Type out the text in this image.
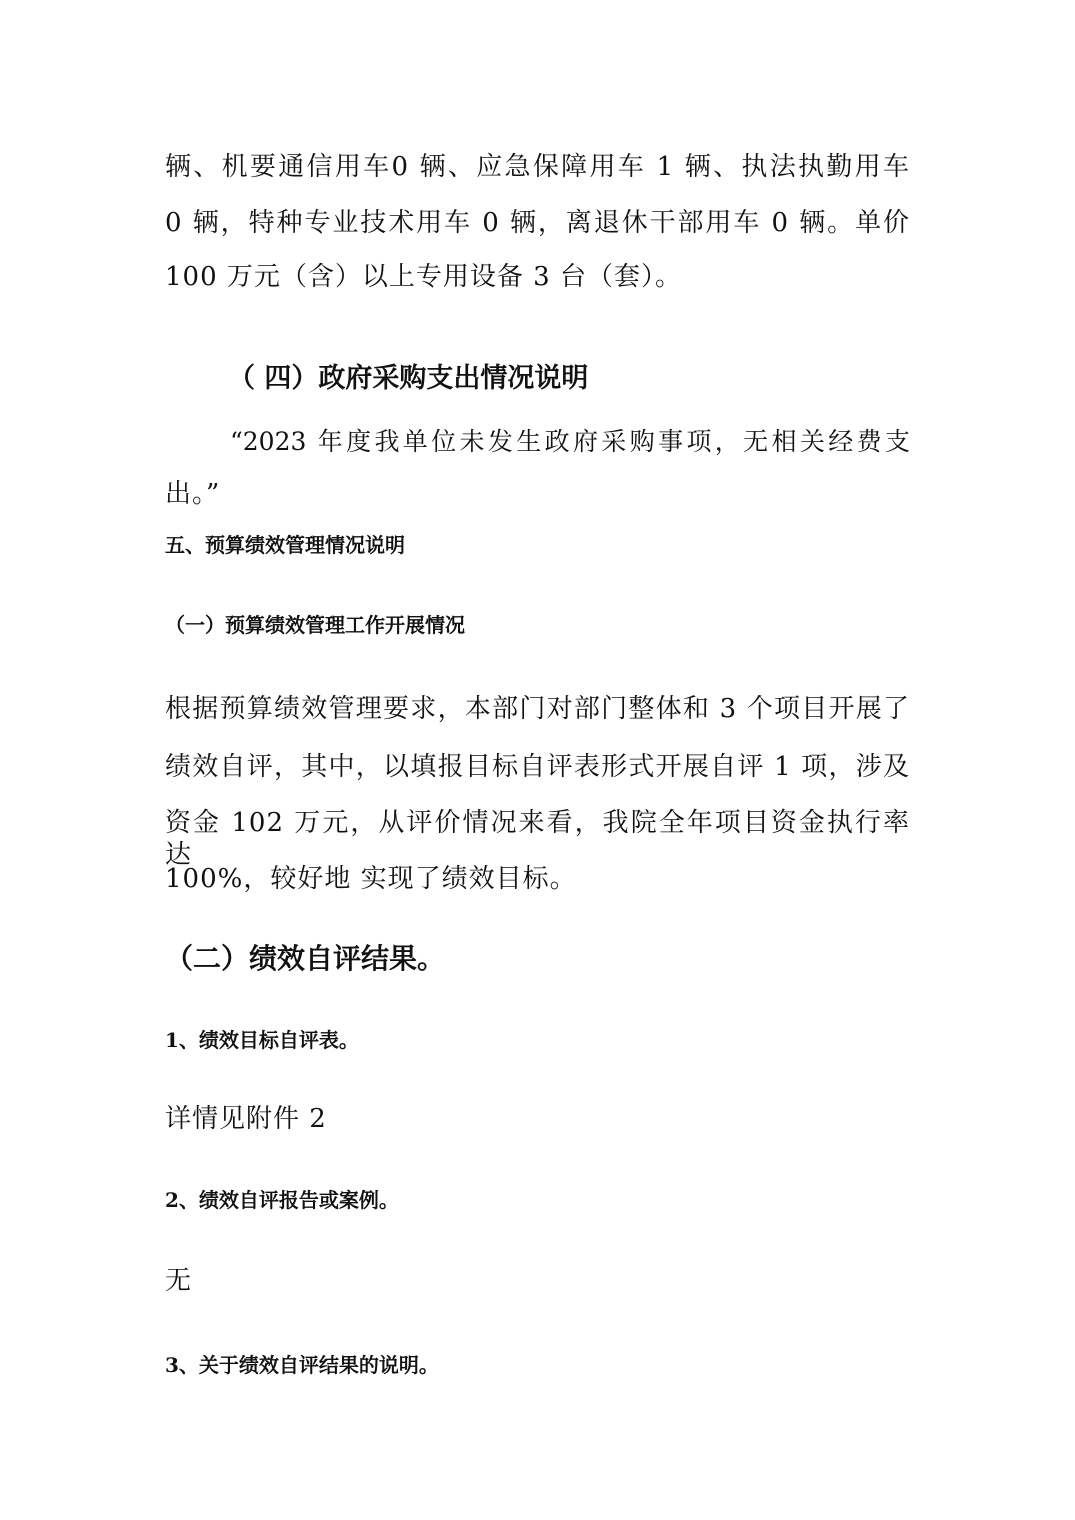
辆、机要通信用车0 辆、应急保障用车 1 辆、执法执勤用车

0 辆，特种专业技术用车 0 辆，离退休干部用车 0 辆。单价

100 万元（含）以上专用设备 3 台（套）。

（ 四）政府采购支出情况说明

“2023 年度我单位未发生政府采购事项，无相关经费支

出。”

五、预算绩效管理情况说明
（一）预算绩效管理工作开展情况

根据预算绩效管理要求，本部门对部门整体和 3 个项目开展了

绩效自评，其中，以填报目标自评表形式开展自评 1 项，涉及

资金 102 万元，从评价情况来看，我院全年项目资金执行率达

100%，较好地 实现了绩效目标。

（二）绩效自评结果。
1、绩效目标自评表。

详情见附件 2

2、绩效自评报告或案例。

无

3、关于绩效自评结果的说明。
